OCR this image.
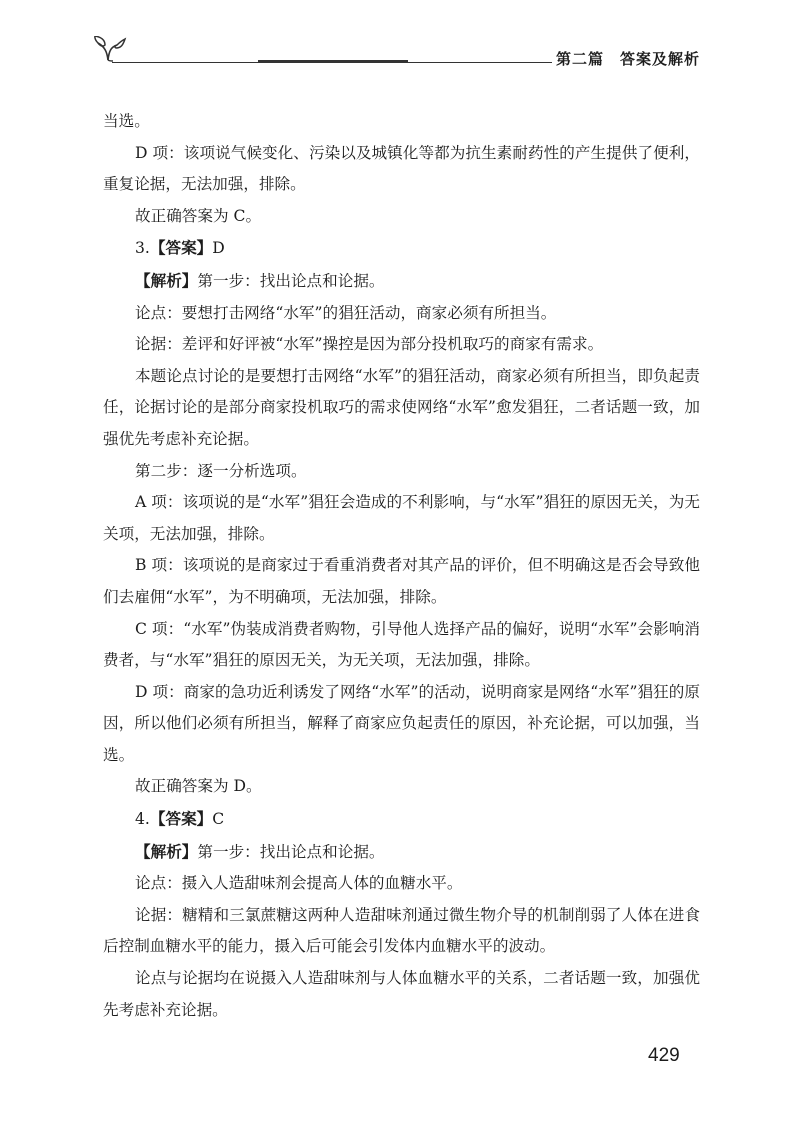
第二篇　答案及解析

当选。

D 项：该项说气候变化、污染以及城镇化等都为抗生素耐药性的产生提供了便利，重复论据，无法加强，排除。

故正确答案为 C。

3.【答案】D

【解析】第一步：找出论点和论据。

论点：要想打击网络“水军”的猖狂活动，商家必须有所担当。

论据：差评和好评被“水军”操控是因为部分投机取巧的商家有需求。

本题论点讨论的是要想打击网络“水军”的猖狂活动，商家必须有所担当，即负起责任，论据讨论的是部分商家投机取巧的需求使网络“水军”愈发猖狂，二者话题一致，加强优先考虑补充论据。

第二步：逐一分析选项。

A 项：该项说的是“水军”猖狂会造成的不利影响，与“水军”猖狂的原因无关，为无关项，无法加强，排除。

B 项：该项说的是商家过于看重消费者对其产品的评价，但不明确这是否会导致他们去雇佣“水军”，为不明确项，无法加强，排除。

C 项：“水军”伪装成消费者购物，引导他人选择产品的偏好，说明“水军”会影响消费者，与“水军”猖狂的原因无关，为无关项，无法加强，排除。

D 项：商家的急功近利诱发了网络“水军”的活动，说明商家是网络“水军”猖狂的原因，所以他们必须有所担当，解释了商家应负起责任的原因，补充论据，可以加强，当选。

故正确答案为 D。

4.【答案】C

【解析】第一步：找出论点和论据。

论点：摄入人造甜味剂会提高人体的血糖水平。

论据：糖精和三氯蔗糖这两种人造甜味剂通过微生物介导的机制削弱了人体在进食后控制血糖水平的能力，摄入后可能会引发体内血糖水平的波动。

论点与论据均在说摄入人造甜味剂与人体血糖水平的关系，二者话题一致，加强优先考虑补充论据。

429
